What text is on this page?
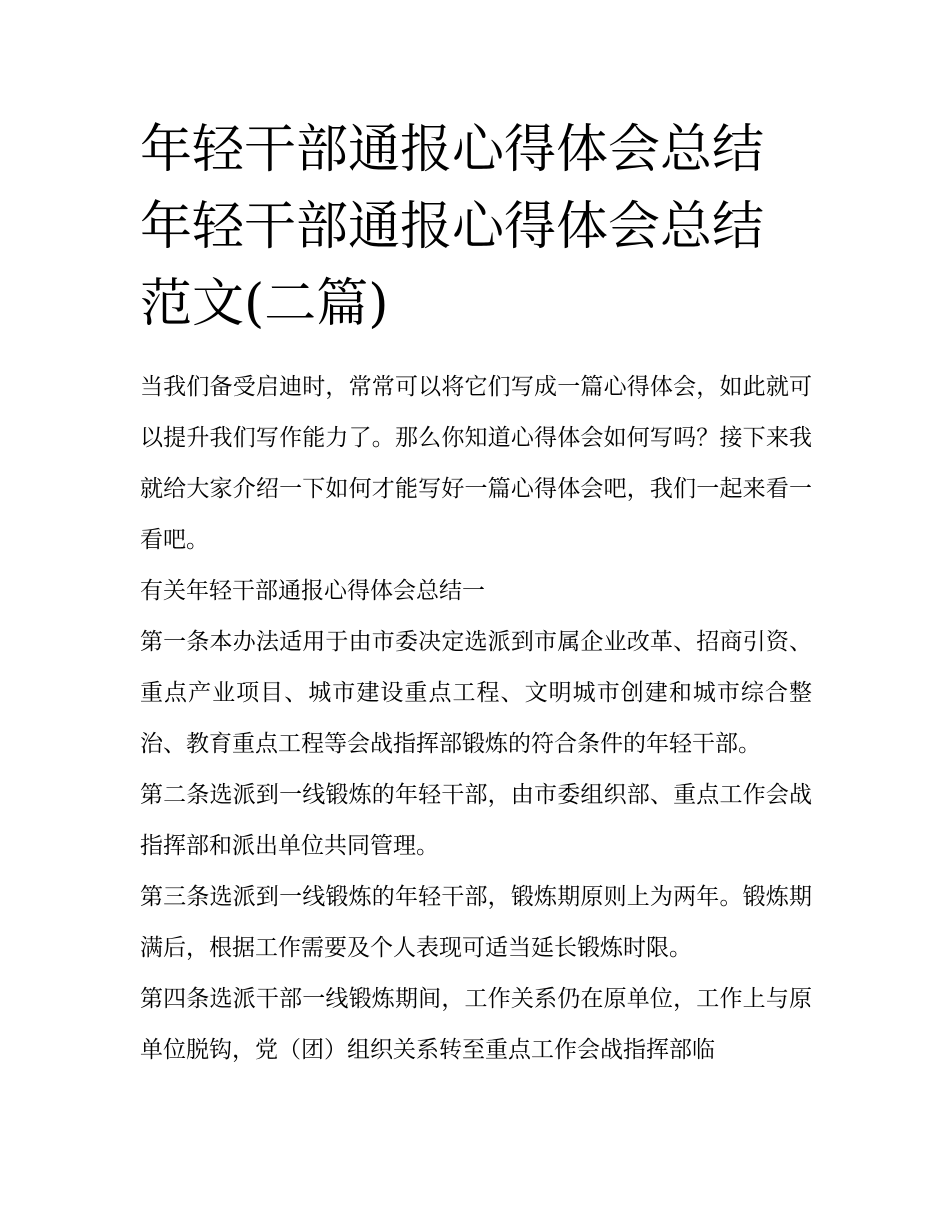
年轻干部通报心得体会总结 年轻干部通报心得体会总结范文(二篇)

当我们备受启迪时，常常可以将它们写成一篇心得体会，如此就可以提升我们写作能力了。那么你知道心得体会如何写吗？接下来我就给大家介绍一下如何才能写好一篇心得体会吧，我们一起来看一看吧。

有关年轻干部通报心得体会总结一

第一条本办法适用于由市委决定选派到市属企业改革、招商引资、重点产业项目、城市建设重点工程、文明城市创建和城市综合整治、教育重点工程等会战指挥部锻炼的符合条件的年轻干部。

第二条选派到一线锻炼的年轻干部，由市委组织部、重点工作会战指挥部和派出单位共同管理。

第三条选派到一线锻炼的年轻干部，锻炼期原则上为两年。锻炼期满后，根据工作需要及个人表现可适当延长锻炼时限。

第四条选派干部一线锻炼期间，工作关系仍在原单位，工作上与原单位脱钩，党（团）组织关系转至重点工作会战指挥部临
